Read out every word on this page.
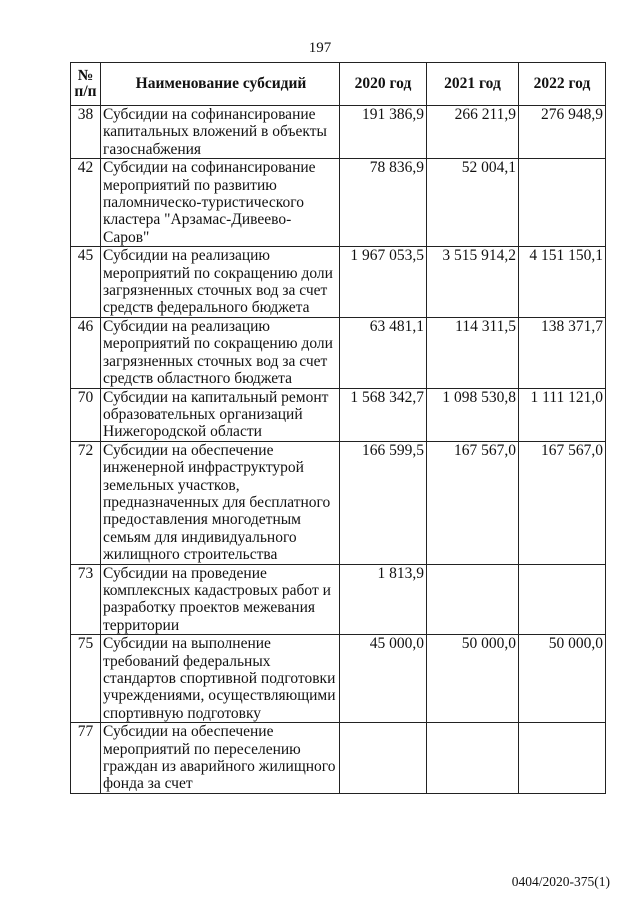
197
№ п/п	Наименование субсидий	2020 год	2021 год	2022 год
38	Субсидии на софинансирование капитальных вложений в объекты газоснабжения	191 386,9	266 211,9	276 948,9
42	Субсидии на софинансирование мероприятий по развитию паломническо-туристического кластера "Арзамас-Дивеево-Саров"	78 836,9	52 004,1	
45	Субсидии на реализацию мероприятий по сокращению доли загрязненных сточных вод за счет средств федерального бюджета	1 967 053,5	3 515 914,2	4 151 150,1
46	Субсидии на реализацию мероприятий по сокращению доли загрязненных сточных вод за счет средств областного бюджета	63 481,1	114 311,5	138 371,7
70	Субсидии на капитальный ремонт образовательных организаций Нижегородской области	1 568 342,7	1 098 530,8	1 111 121,0
72	Субсидии на обеспечение инженерной инфраструктурой земельных участков, предназначенных для бесплатного предоставления многодетным семьям для индивидуального жилищного строительства	166 599,5	167 567,0	167 567,0
73	Субсидии на проведение комплексных кадастровых работ и разработку проектов межевания территории	1 813,9		
75	Субсидии на выполнение требований федеральных стандартов спортивной подготовки учреждениями, осуществляющими спортивную подготовку	45 000,0	50 000,0	50 000,0
77	Субсидии на обеспечение мероприятий по переселению граждан из аварийного жилищного фонда за счет			
0404/2020-375(1)
